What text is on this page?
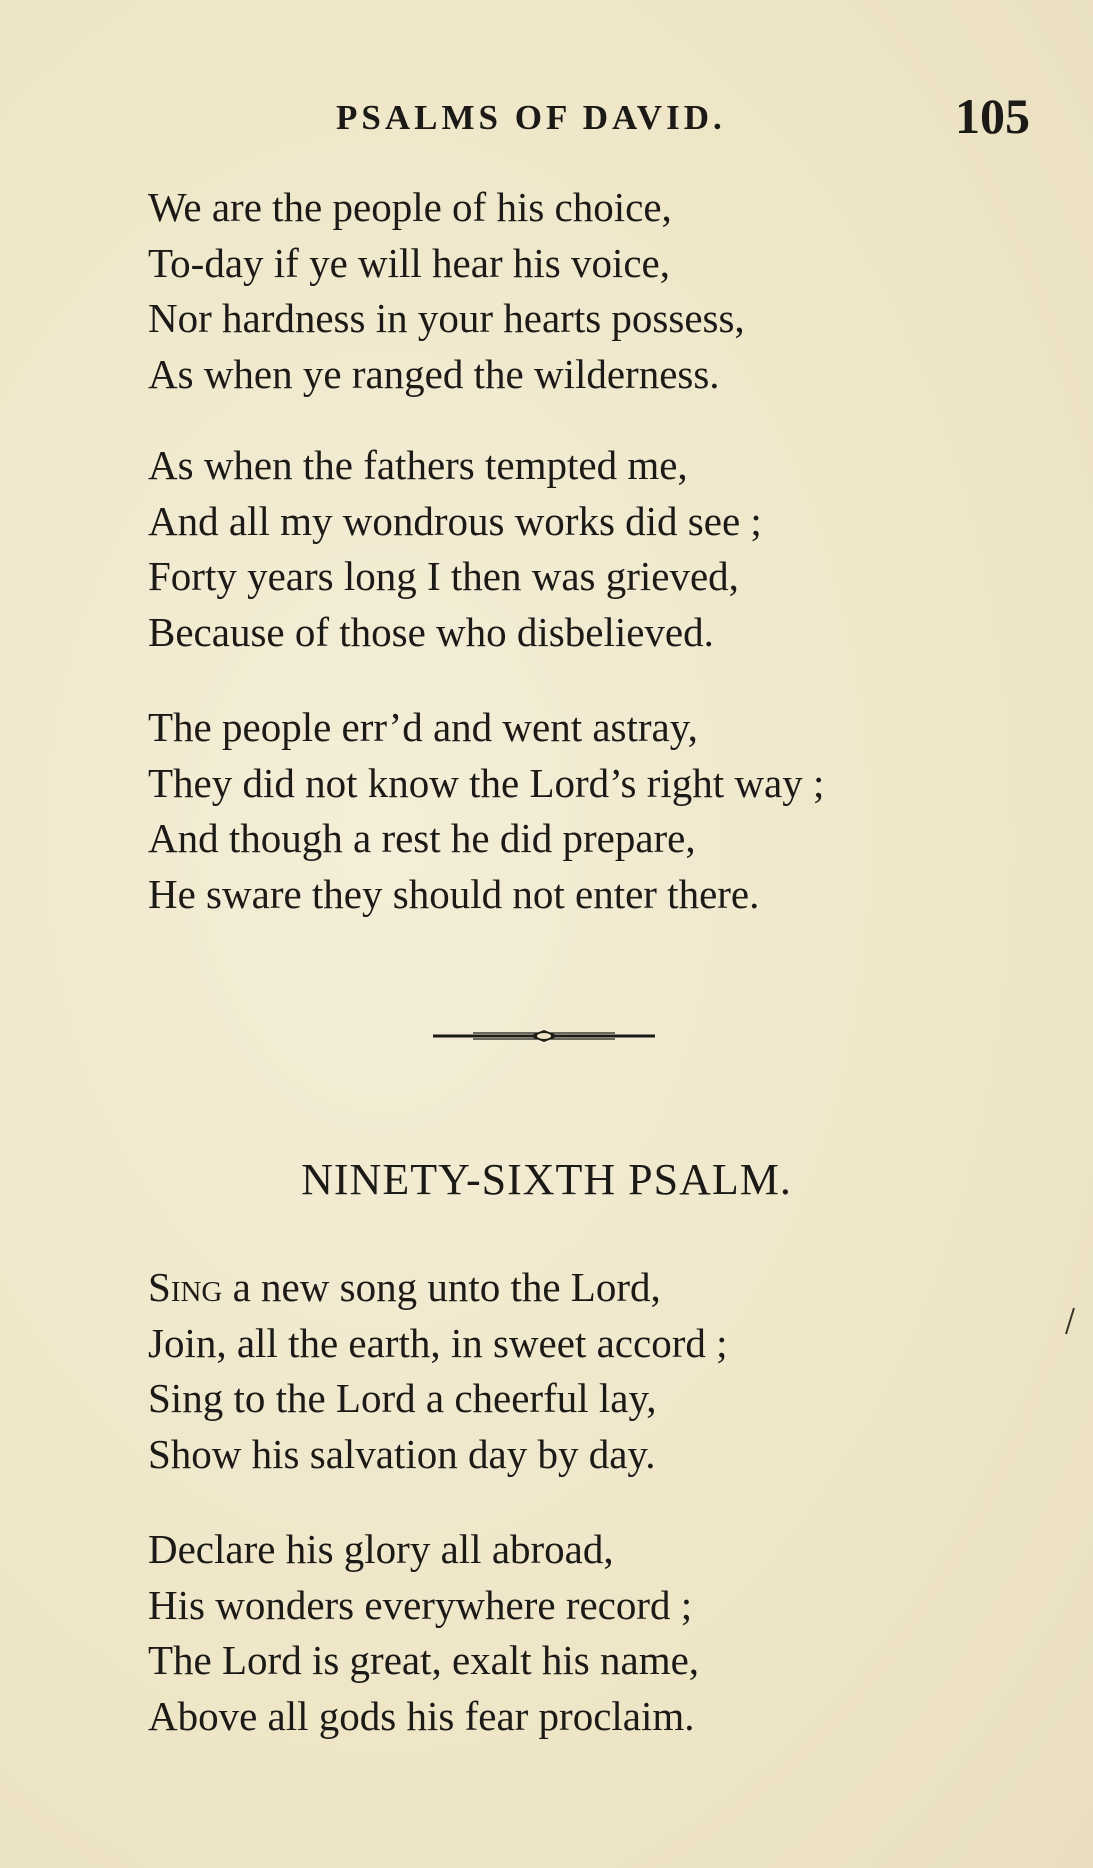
PSALMS OF DAVID.	105
We are the people of his choice,
To-day if ye will hear his voice,
Nor hardness in your hearts possess,
As when ye ranged the wilderness.
As when the fathers tempted me,
And all my wondrous works did see ;
Forty years long I then was grieved,
Because of those who disbelieved.
The people err’d and went astray,
They did not know the Lord’s right way ;
And though a rest he did prepare,
He sware they should not enter there.
NINETY-SIXTH PSALM.
Sing a new song unto the Lord,
Join, all the earth, in sweet accord ;
Sing to the Lord a cheerful lay,
Show his salvation day by day.
Declare his glory all abroad,
His wonders everywhere record ;
The Lord is great, exalt his name,
Above all gods his fear proclaim.
